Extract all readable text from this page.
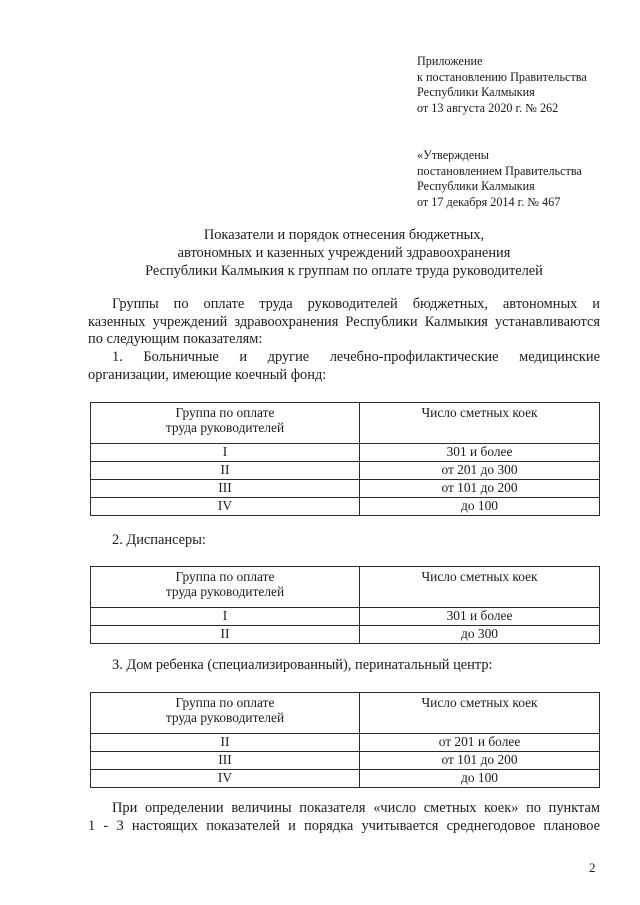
Приложение
к постановлению Правительства
Республики Калмыкия
от 13 августа 2020 г. № 262
«Утверждены
постановлением Правительства
Республики Калмыкия
от 17 декабря 2014 г. № 467
Показатели и порядок отнесения бюджетных,
автономных и казенных учреждений здравоохранения
Республики Калмыкия к группам по оплате труда руководителей
Группы по оплате труда руководителей бюджетных, автономных и
казенных учреждений здравоохранения Республики Калмыкия устанавливаются
по следующим показателям:
1. Больничные и другие лечебно-профилактические медицинские
организации, имеющие коечный фонд:
Группа по оплате
труда руководителей	Число сметных коек
I	301 и более
II	от 201 до 300
III	от 101 до 200
IV	до 100
2. Диспансеры:
Группа по оплате
труда руководителей	Число сметных коек
I	301 и более
II	до 300
3. Дом ребенка (специализированный), перинатальный центр:
Группа по оплате
труда руководителей	Число сметных коек
II	от 201 и более
III	от 101 до 200
IV	до 100
При определении величины показателя «число сметных коек» по пунктам
1 - 3 настоящих показателей и порядка учитывается среднегодовое плановое
2
